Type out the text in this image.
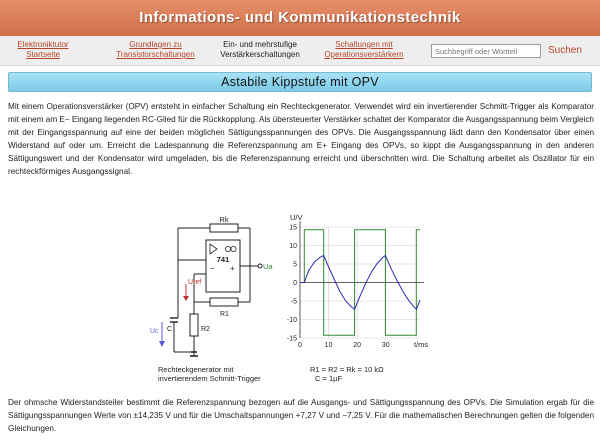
Informations- und Kommunikationstechnik
Elektroniktutor
Startseite
Grundlagen zu
Transistorschaltungen
Ein- und mehrstufige
Verstärkerschaltungen
Schaltungen mit
Operationsverstärkern
Suchbegriff oder Wortteil	Suchen
Astabile Kippstufe mit OPV
Mit einem Operationsverstärker (OPV) entsteht in einfacher Schaltung ein Rechteckgenerator. Verwendet wird ein invertierender Schmitt-Trigger als Komparator mit einem am E− Eingang liegenden RC-Glied für die Rückkopplung. Als übersteuerter Verstärker schaltet der Komparator die Ausgangsspannung beim Vergleich mit der Eingangsspannung auf eine der beiden möglichen Sättigungsspannungen des OPVs. Die Ausgangsspannung lädt dann den Kondensator über einen Widerstand auf oder um. Erreicht die Ladespannung die Referenzspannung am E+ Eingang des OPVs, so kippt die Ausgangsspannung in den anderen Sättigungswert und der Kondensator wird umgeladen, bis die Referenzspannung erreicht und überschritten wird. Die Schaltung arbeitet als Oszillator für ein rechteckförmiges Ausgangssignal.
Rk
741
− +	Ua
Uref
R1
C	R2
Uc
Rechteckgenerator mit
invertierendem Schmitt-Trigger
15
10
5
0
-5
-10
-15
0	10	20	30
U/V
t/ms
R1 = R2 = Rk = 10 kΩ
C = 1µF
Der ohmsche Widerstandsteiler bestimmt die Referenzspannung bezogen auf die Ausgangs- und Sättigungsspannung des OPVs. Die Simulation ergab für die Sättigungsspannungen Werte von ±14,235 V und für die Umschaltspannungen +7,27 V und −7,25 V. Für die mathematischen Berechnungen gelten die folgenden Gleichungen.
